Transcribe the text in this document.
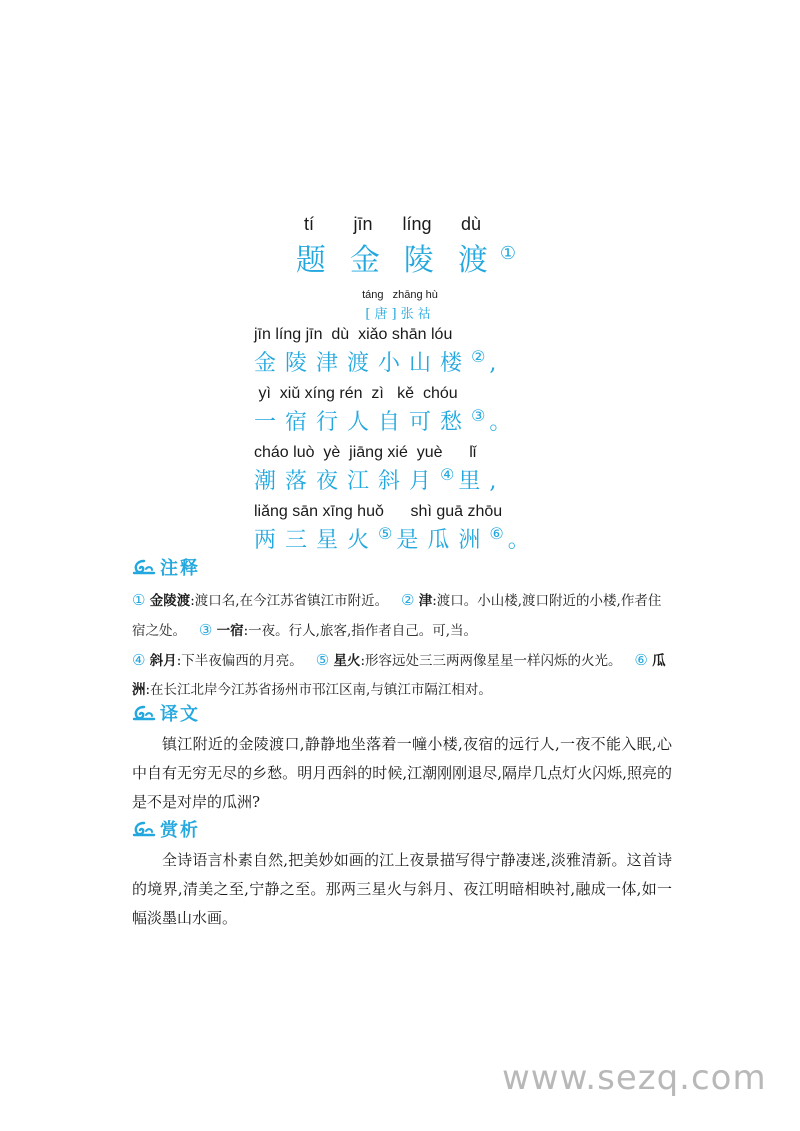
tí	jīn	líng	dù
题 金 陵 渡 ①
táng   zhāng hù
[唐]张祜
jīn líng jīn  dù  xiǎo shān lóu
金陵津渡小山楼② ,
yì  xiǔ xíng rén  zì   kě  chóu
一宿行人自可愁③ 。
cháo luò  yè  jiāng xié  yuè      lǐ
潮落夜江斜月④ 里,
liǎng sān xīng huǒ      shì guā zhōu
两三星火⑤ 是瓜洲⑥ 。
注释
① 金陵渡:渡口名,在今江苏省镇江市附近。 ② 津:渡口。小山楼,渡口附近的小楼,作者住宿之处。 ③ 一宿:一夜。行人,旅客,指作者自己。可,当。
④ 斜月:下半夜偏西的月亮。 ⑤ 星火:形容远处三三两两像星星一样闪烁的火光。 ⑥ 瓜洲:在长江北岸今江苏省扬州市邗江区南,与镇江市隔江相对。
译文
镇江附近的金陵渡口,静静地坐落着一幢小楼,夜宿的远行人,一夜不能入眠,心中自有无穷无尽的乡愁。明月西斜的时候,江潮刚刚退尽,隔岸几点灯火闪烁,照亮的是不是对岸的瓜洲?
赏析
全诗语言朴素自然,把美妙如画的江上夜景描写得宁静凄迷,淡雅清新。这首诗的境界,清美之至,宁静之至。那两三星火与斜月、夜江明暗相映衬,融成一体,如一幅淡墨山水画。
www.sezq.com
